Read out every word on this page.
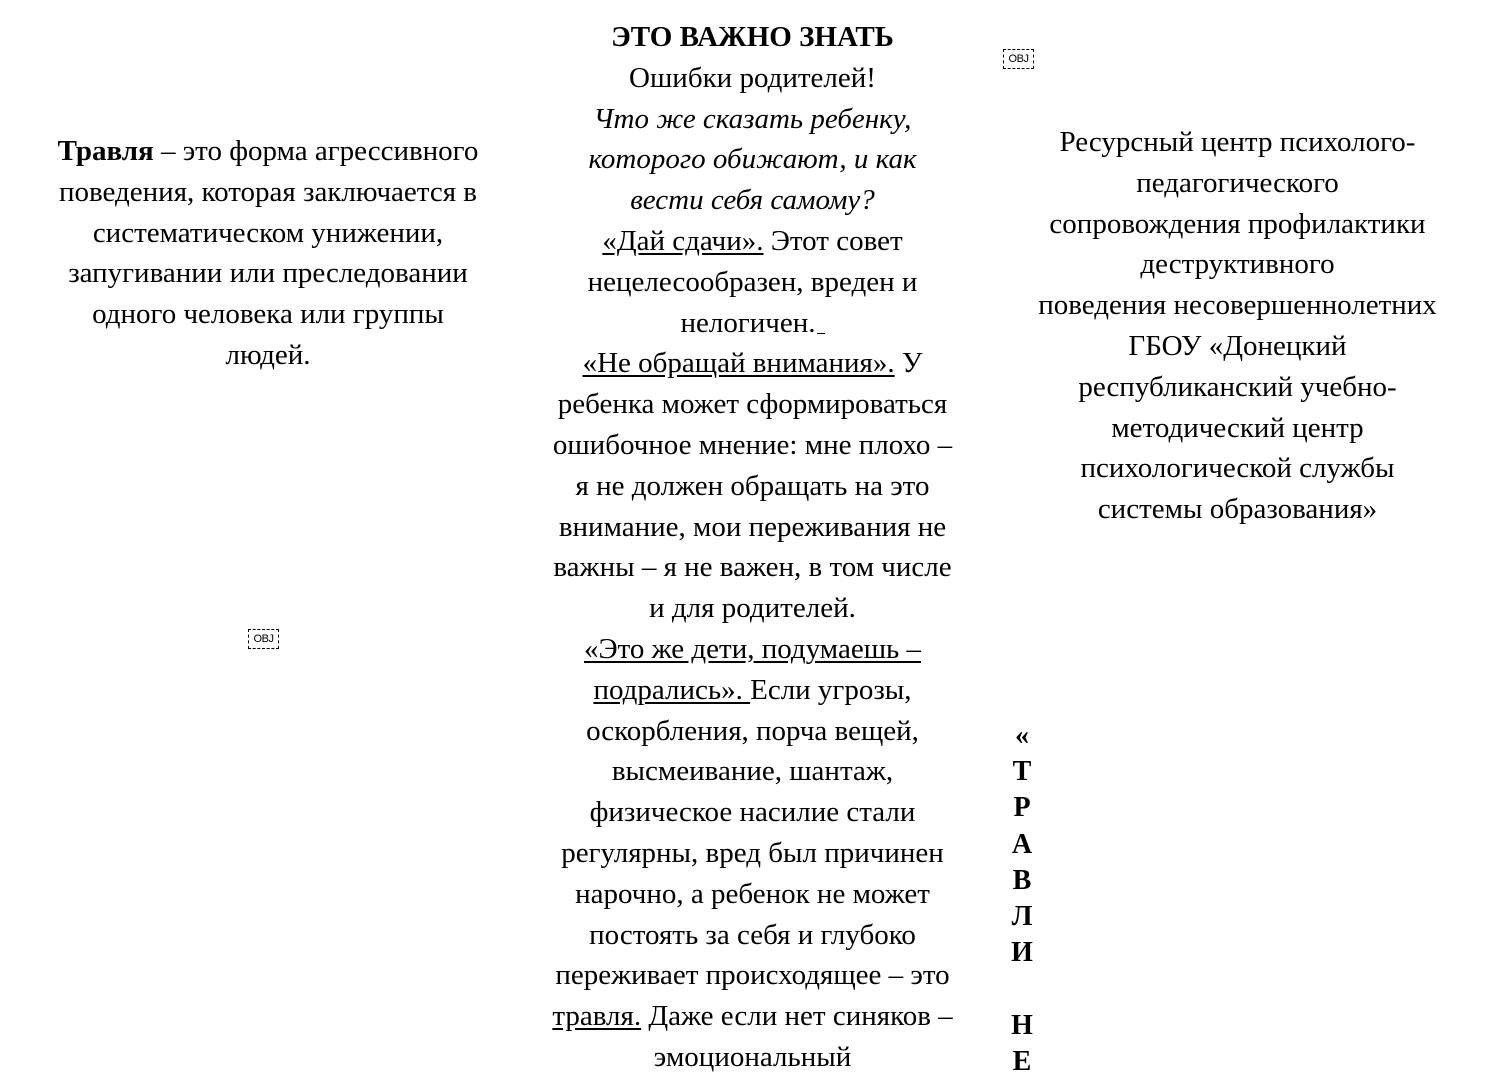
Травля – это форма агрессивного
поведения, которая заключается в
систематическом унижении,
запугивании или преследовании
одного человека или группы
людей.
OBJ
OBJ
ЭТО ВАЖНО ЗНАТЬ
Ошибки родителей!
Что же сказать ребенку,
которого обижают, и как
вести себя самому?
«Дай сдачи». Этот совет
нецелесообразен, вреден и
нелогичен.
«Не обращай внимания». У
ребенка может сформироваться
ошибочное мнение: мне плохо –
я не должен обращать на это
внимание, мои переживания не
важны – я не важен, в том числе
и для родителей.
«Это же дети, подумаешь –
подрались». Если угрозы,
оскорбления, порча вещей,
высмеивание, шантаж,
физическое насилие стали
регулярны, вред был причинен
нарочно, а ребенок не может
постоять за себя и глубоко
переживает происходящее – это
травля. Даже если нет синяков –
эмоциональный
Ресурсный центр психолого-
педагогического
сопровождения профилактики
деструктивного
поведения несовершеннолетних
ГБОУ «Донецкий
республиканский учебно-
методический центр
психологической службы
системы образования»
«
Т
Р
А
В
Л
И
Н
Е
